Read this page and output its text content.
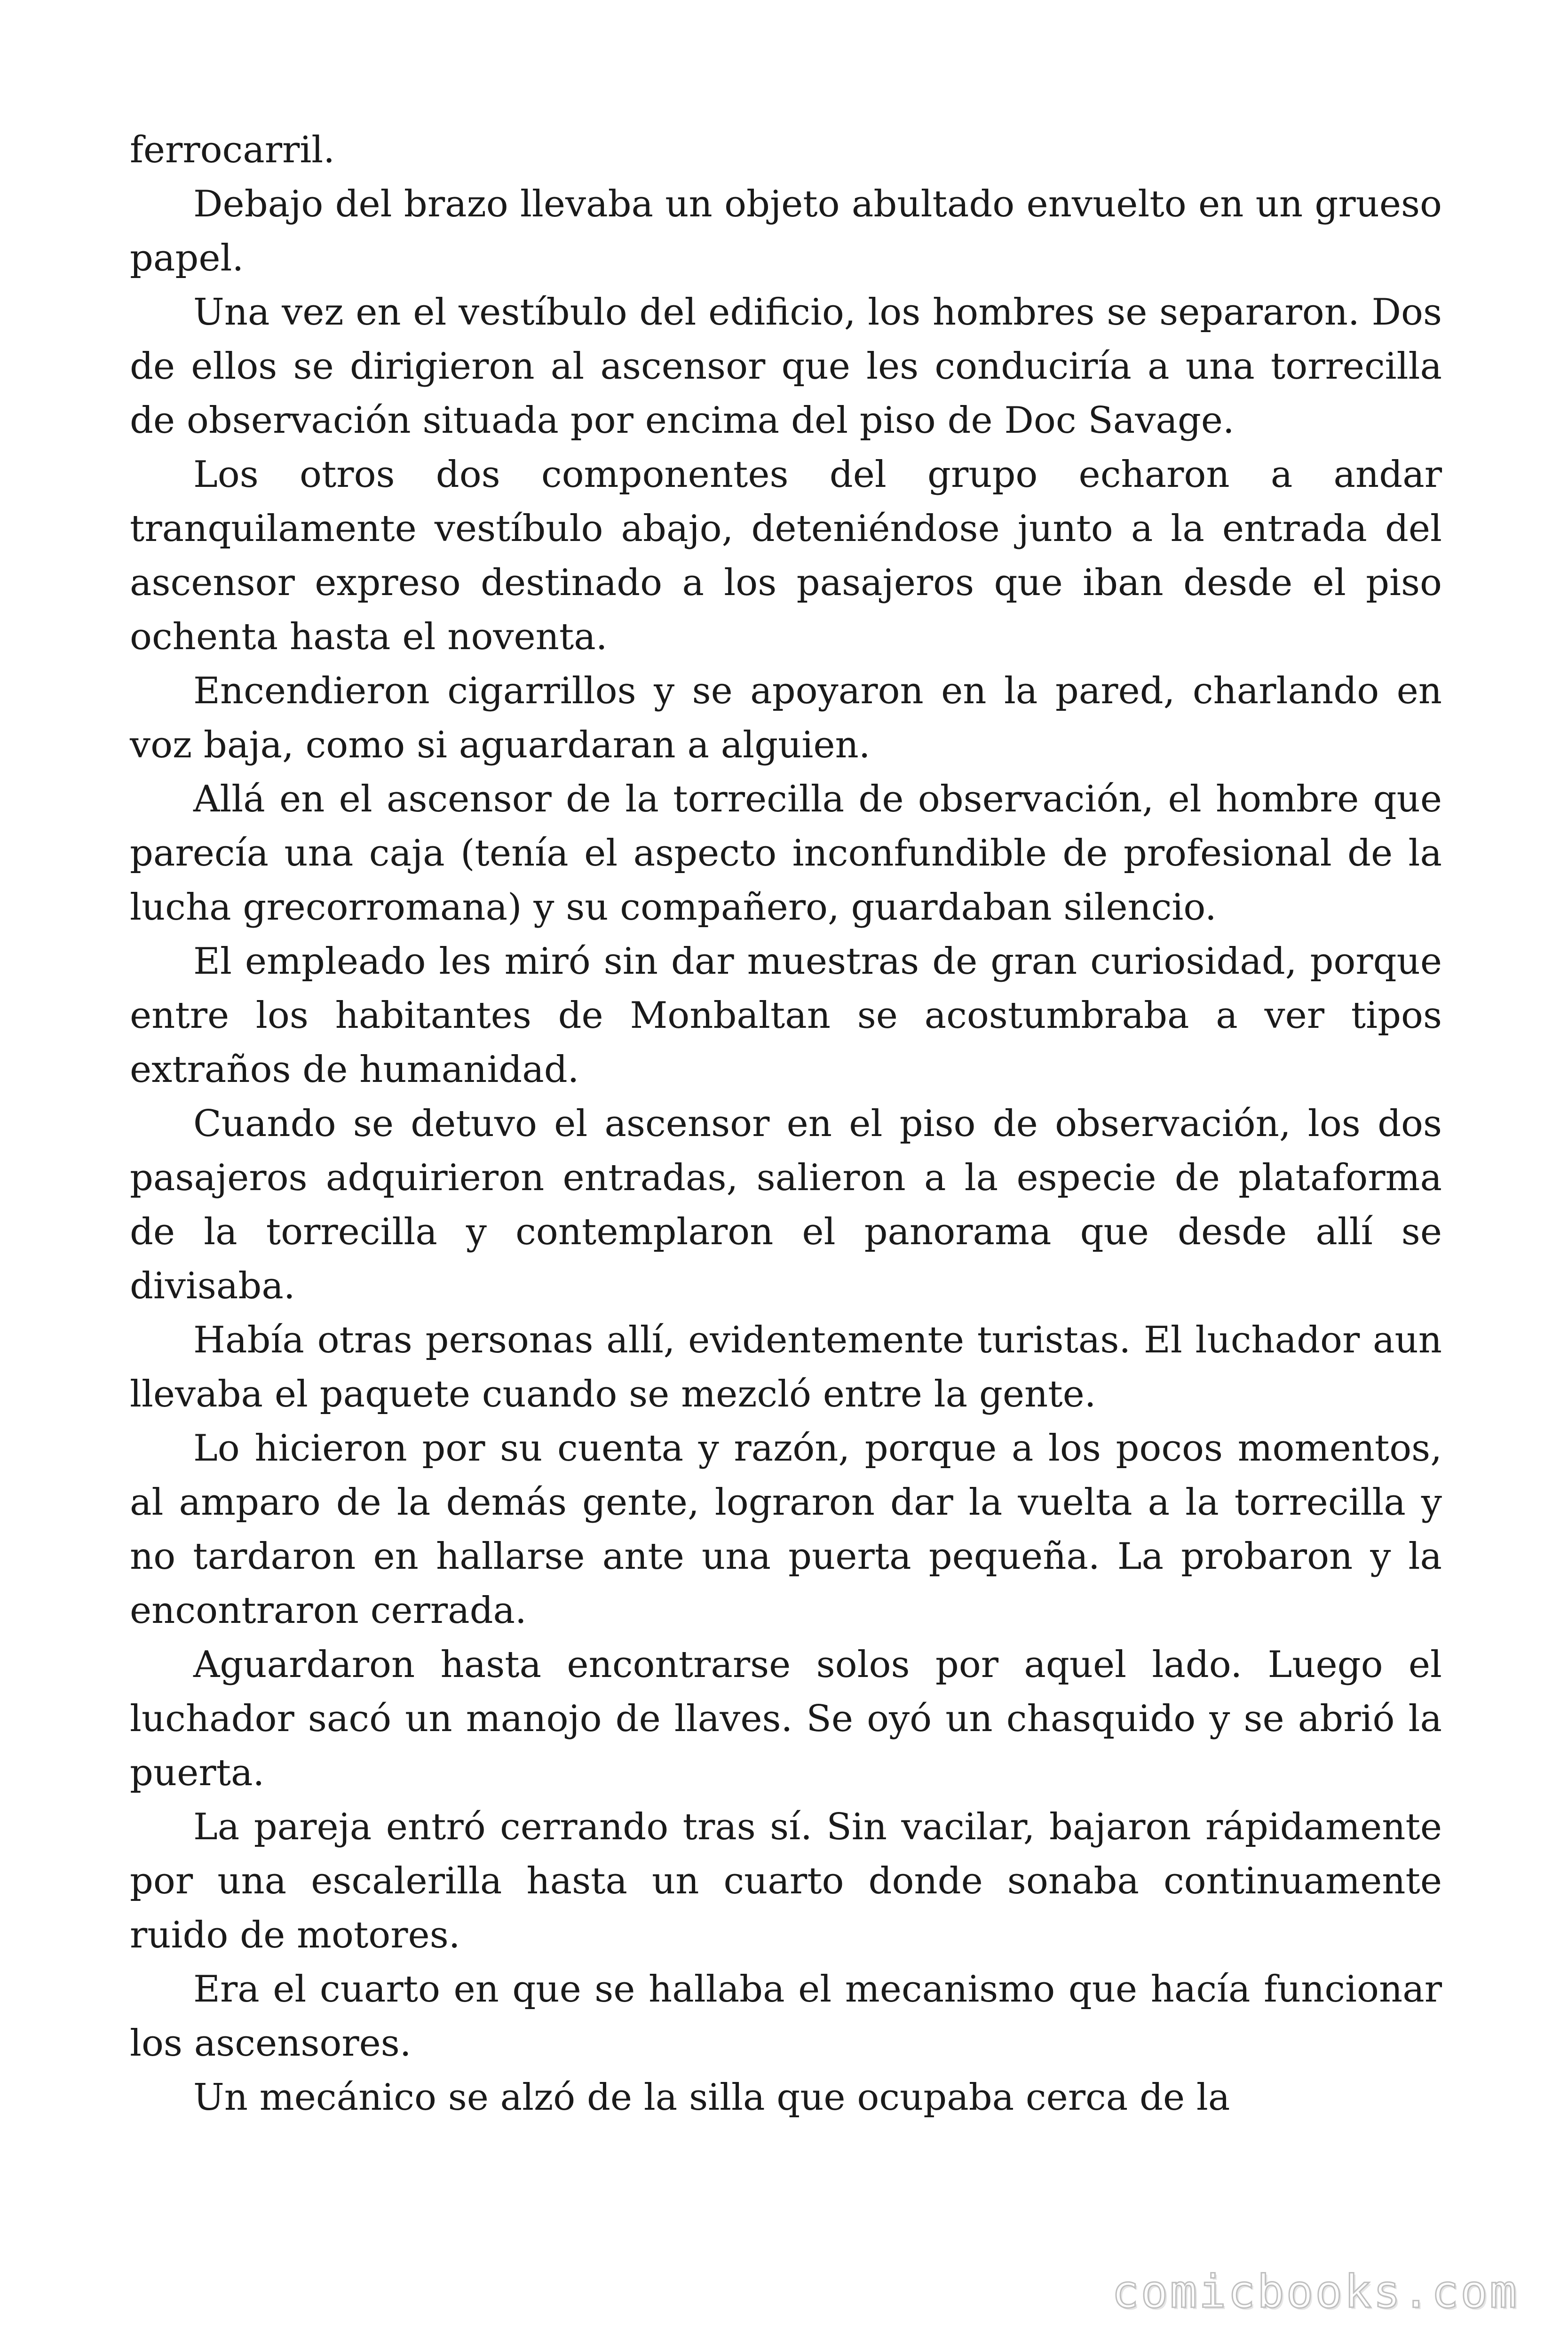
ferrocarril.

Debajo del brazo llevaba un objeto abultado envuelto en un grueso papel.

Una vez en el vestíbulo del edificio, los hombres se separaron. Dos de ellos se dirigieron al ascensor que les conduciría a una torrecilla de observación situada por encima del piso de Doc Savage.

Los otros dos componentes del grupo echaron a andar tranquilamente vestíbulo abajo, deteniéndose junto a la entrada del ascensor expreso destinado a los pasajeros que iban desde el piso ochenta hasta el noventa.

Encendieron cigarrillos y se apoyaron en la pared, charlando en voz baja, como si aguardaran a alguien.

Allá en el ascensor de la torrecilla de observación, el hombre que parecía una caja (tenía el aspecto inconfundible de profesional de la lucha grecorromana) y su compañero, guardaban silencio.

El empleado les miró sin dar muestras de gran curiosidad, porque entre los habitantes de Monbaltan se acostumbraba a ver tipos extraños de humanidad.

Cuando se detuvo el ascensor en el piso de observación, los dos pasajeros adquirieron entradas, salieron a la especie de plataforma de la torrecilla y contemplaron el panorama que desde allí se divisaba.

Había otras personas allí, evidentemente turistas. El luchador aun llevaba el paquete cuando se mezcló entre la gente.

Lo hicieron por su cuenta y razón, porque a los pocos momentos, al amparo de la demás gente, lograron dar la vuelta a la torrecilla y no tardaron en hallarse ante una puerta pequeña. La probaron y la encontraron cerrada.

Aguardaron hasta encontrarse solos por aquel lado. Luego el luchador sacó un manojo de llaves. Se oyó un chasquido y se abrió la puerta.

La pareja entró cerrando tras sí. Sin vacilar, bajaron rápidamente por una escalerilla hasta un cuarto donde sonaba continuamente ruido de motores.

Era el cuarto en que se hallaba el mecanismo que hacía funcionar los ascensores.

Un mecánico se alzó de la silla que ocupaba cerca de la

comicbooks.com
